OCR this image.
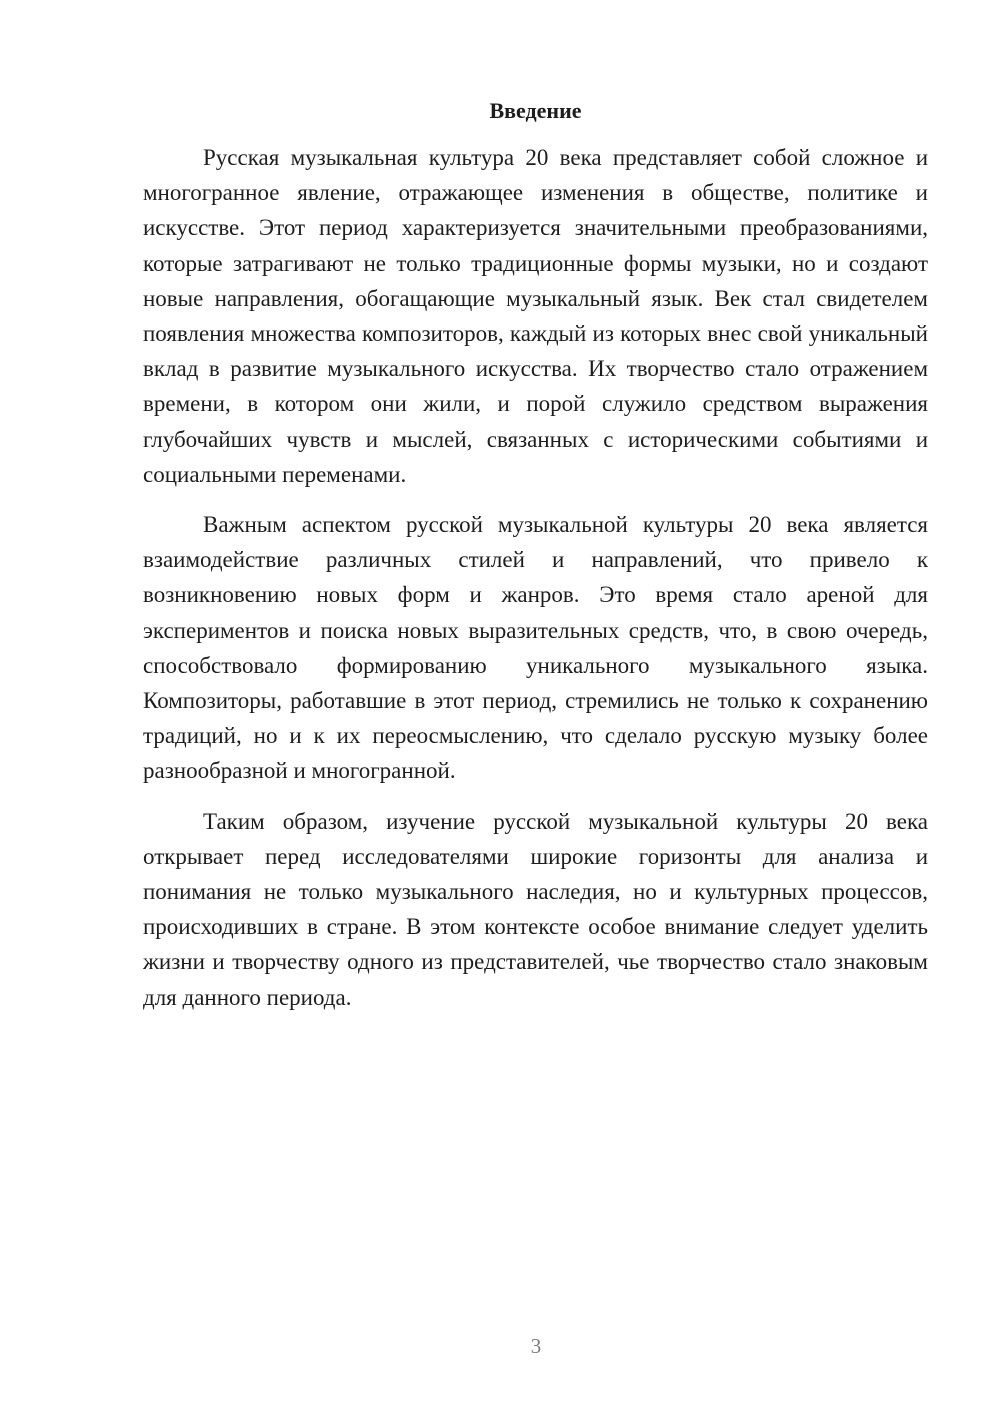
Введение

Русская музыкальная культура 20 века представляет собой сложное и многогранное явление, отражающее изменения в обществе, политике и искусстве. Этот период характеризуется значительными преобразованиями, которые затрагивают не только традиционные формы музыки, но и создают новые направления, обогащающие музыкальный язык. Век стал свидетелем появления множества композиторов, каждый из которых внес свой уникальный вклад в развитие музыкального искусства. Их творчество стало отражением времени, в котором они жили, и порой служило средством выражения глубочайших чувств и мыслей, связанных с историческими событиями и социальными переменами.

Важным аспектом русской музыкальной культуры 20 века является взаимодействие различных стилей и направлений, что привело к возникновению новых форм и жанров. Это время стало ареной для экспериментов и поиска новых выразительных средств, что, в свою очередь, способствовало формированию уникального музыкального языка. Композиторы, работавшие в этот период, стремились не только к сохранению традиций, но и к их переосмыслению, что сделало русскую музыку более разнообразной и многогранной.

Таким образом, изучение русской музыкальной культуры 20 века открывает перед исследователями широкие горизонты для анализа и понимания не только музыкального наследия, но и культурных процессов, происходивших в стране. В этом контексте особое внимание следует уделить жизни и творчеству одного из представителей, чье творчество стало знаковым для данного периода.

3
